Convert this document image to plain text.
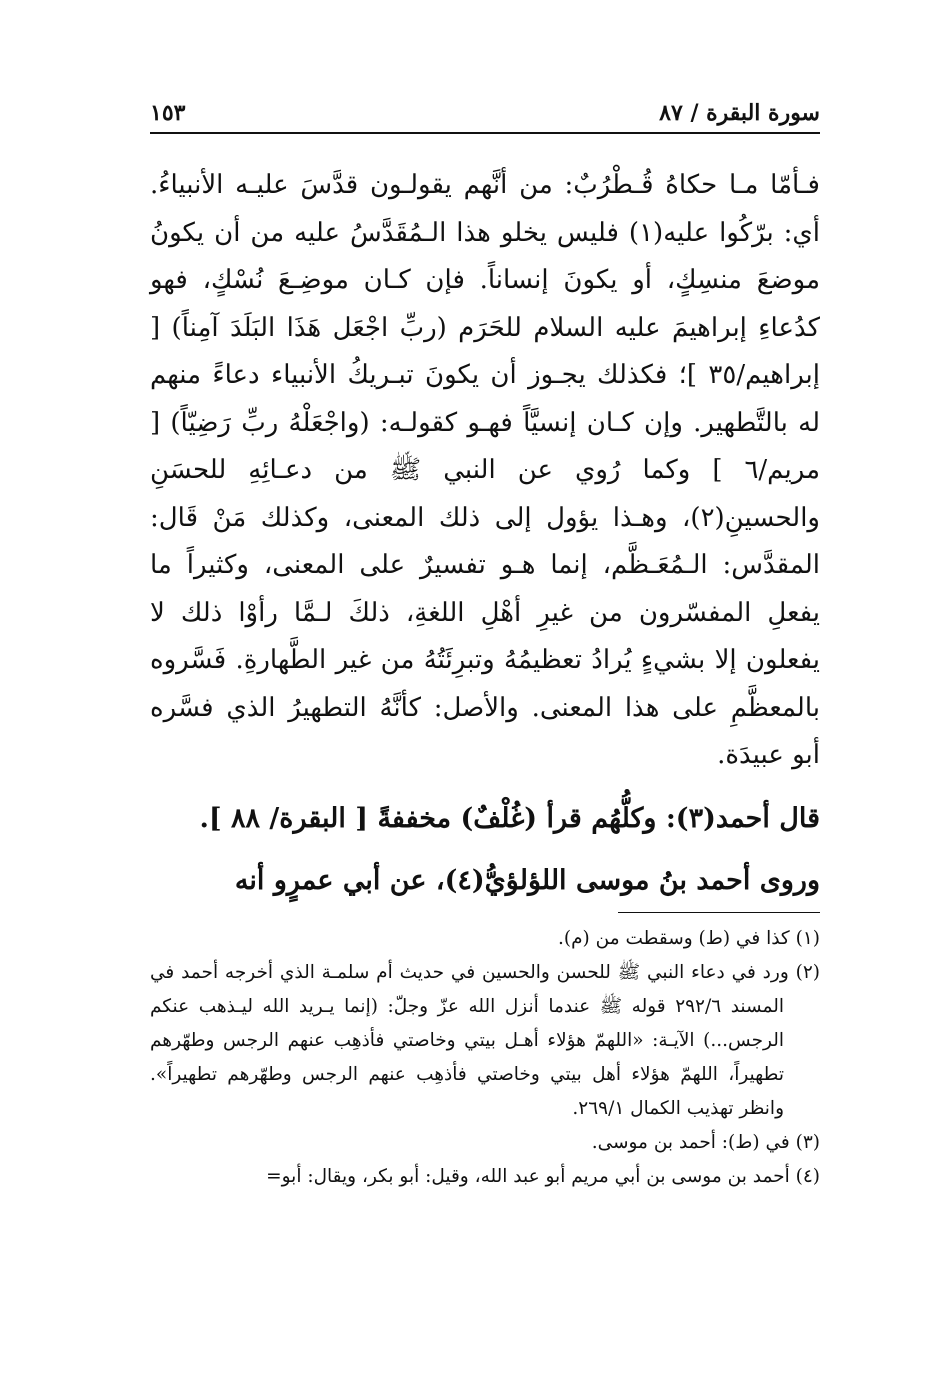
سورة البقرة / ٨٧
١٥٣

فـأمّا مـا حكاهُ قُـطْرُبٌ: من أنَّهم يقولـون قدَّسَ عليـه الأنبياءُ. أي: برّكُوا عليه(١) فليس يخلو هذا الـمُقَدَّسُ عليه من أن يكونُ موضعَ منسِكٍ، أو يكونَ إنساناً. فإن كـان موضِـعَ نُسْكٍ، فهو كدُعاءِ إبراهيمَ عليه السلام للحَرَم (ربِّ اجْعَل هَذَا البَلَدَ آمِناً) [ إبراهيم/٣٥ ]؛ فكذلك يجـوز أن يكونَ تبـريكُ الأنبياء دعاءً منهم له بالتَّطهير. وإن كـان إنسيَّاً فهـو كقولـه: (واجْعَلْهُ ربِّ رَضِيّاً) [ مريم/٦ ] وكما رُوي عن النبي ﷺ من دعـائِهِ للحسَنِ والحسينِ(٢)، وهـذا يؤول إلى ذلك المعنى، وكذلك مَنْ قَال: المقدَّس: الـمُعَـظَّم، إنما هـو تفسيرٌ على المعنى، وكثيراً ما يفعلِ المفسّرون من غيرِ أهْلِ اللغةِ، ذلكَ لـمَّا رأوْا ذلك لا يفعلون إلا بشيءٍ يُرادُ تعظيمُهُ وتبرِئَتُهُ من غير الطَّهارةِ. فَسَّروه بالمعظَّمِ على هذا المعنى. والأصل: كأنَّهُ التطهيرُ الذي فسَّره أبو عبيدَة.

قال أحمد(٣): وكلُّهُم قرأ (غُلْفٌ) مخففةً [ البقرة/ ٨٨ ].

وروى أحمد بنُ موسى اللؤلؤيُّ(٤)، عن أبي عمرٍو أنه

(١) كذا في (ط) وسقطت من (م).

(٢) ورد في دعاء النبي ﷺ للحسن والحسين في حديث أم سلمـة الذي أخرجه أحمد في المسند ٢٩٢/٦ قوله ﷺ عندما أنزل الله عزّ وجلّ: (إنما يـريد الله ليـذهب عنكم الرجس...) الآيـة: «اللهمّ هؤلاء أهـل بيتي وخاصتي فأذهِب عنهم الرجس وطهّرهم تطهيراً، اللهمّ هؤلاء أهل بيتي وخاصتي فأذهِب عنهم الرجس وطهّرهم تطهيراً». وانظر تهذيب الكمال ٢٦٩/١.

(٣) في (ط): أحمد بن موسى.

(٤) أحمد بن موسى بن أبي مريم أبو عبد الله، وقيل: أبو بكر، ويقال: أبو=
